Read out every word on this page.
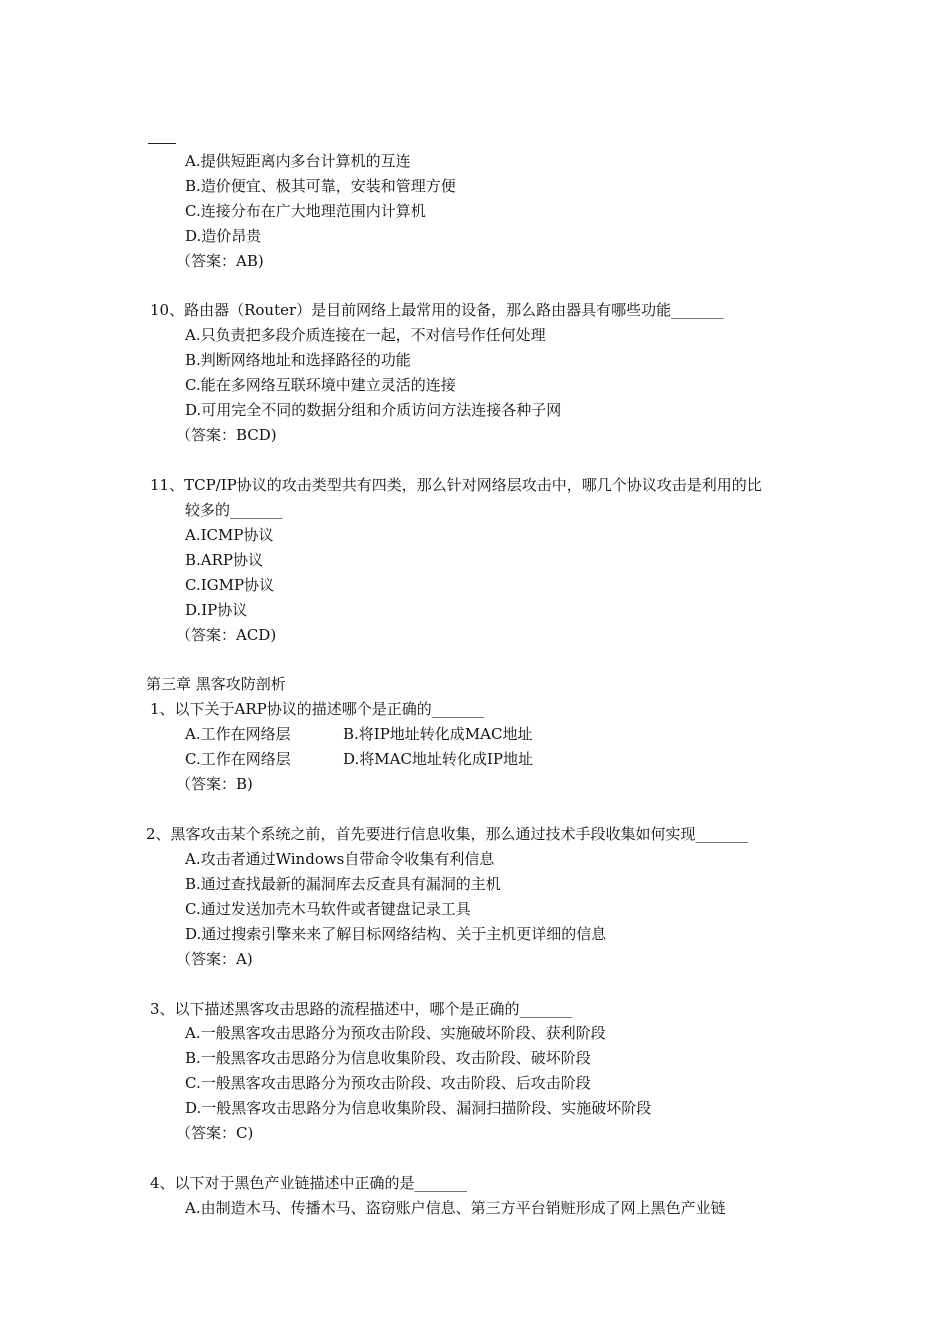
A.提供短距离内多台计算机的互连
B.造价便宜、极其可靠，安装和管理方便
C.连接分布在广大地理范围内计算机
D.造价昂贵
（答案：AB)
10、路由器（Router）是目前网络上最常用的设备，那么路由器具有哪些功能_______
A.只负责把多段介质连接在一起，不对信号作任何处理
B.判断网络地址和选择路径的功能
C.能在多网络互联环境中建立灵活的连接
D.可用完全不同的数据分组和介质访问方法连接各种子网
（答案：BCD)
11、TCP/IP协议的攻击类型共有四类，那么针对网络层攻击中，哪几个协议攻击是利用的比
较多的_______
A.ICMP协议
B.ARP协议
C.IGMP协议
D.IP协议
（答案：ACD)
第三章 黑客攻防剖析
1、以下关于ARP协议的描述哪个是正确的_______
A.工作在网络层	B.将IP地址转化成MAC地址
C.工作在网络层	D.将MAC地址转化成IP地址
（答案：B)
2、黑客攻击某个系统之前，首先要进行信息收集，那么通过技术手段收集如何实现_______
A.攻击者通过Windows自带命令收集有利信息
B.通过查找最新的漏洞库去反查具有漏洞的主机
C.通过发送加壳木马软件或者键盘记录工具
D.通过搜索引擎来来了解目标网络结构、关于主机更详细的信息
（答案：A)
3、以下描述黑客攻击思路的流程描述中，哪个是正确的_______
A.一般黑客攻击思路分为预攻击阶段、实施破坏阶段、获利阶段
B.一般黑客攻击思路分为信息收集阶段、攻击阶段、破坏阶段
C.一般黑客攻击思路分为预攻击阶段、攻击阶段、后攻击阶段
D.一般黑客攻击思路分为信息收集阶段、漏洞扫描阶段、实施破坏阶段
（答案：C)
4、以下对于黑色产业链描述中正确的是_______
A.由制造木马、传播木马、盗窃账户信息、第三方平台销赃形成了网上黑色产业链
